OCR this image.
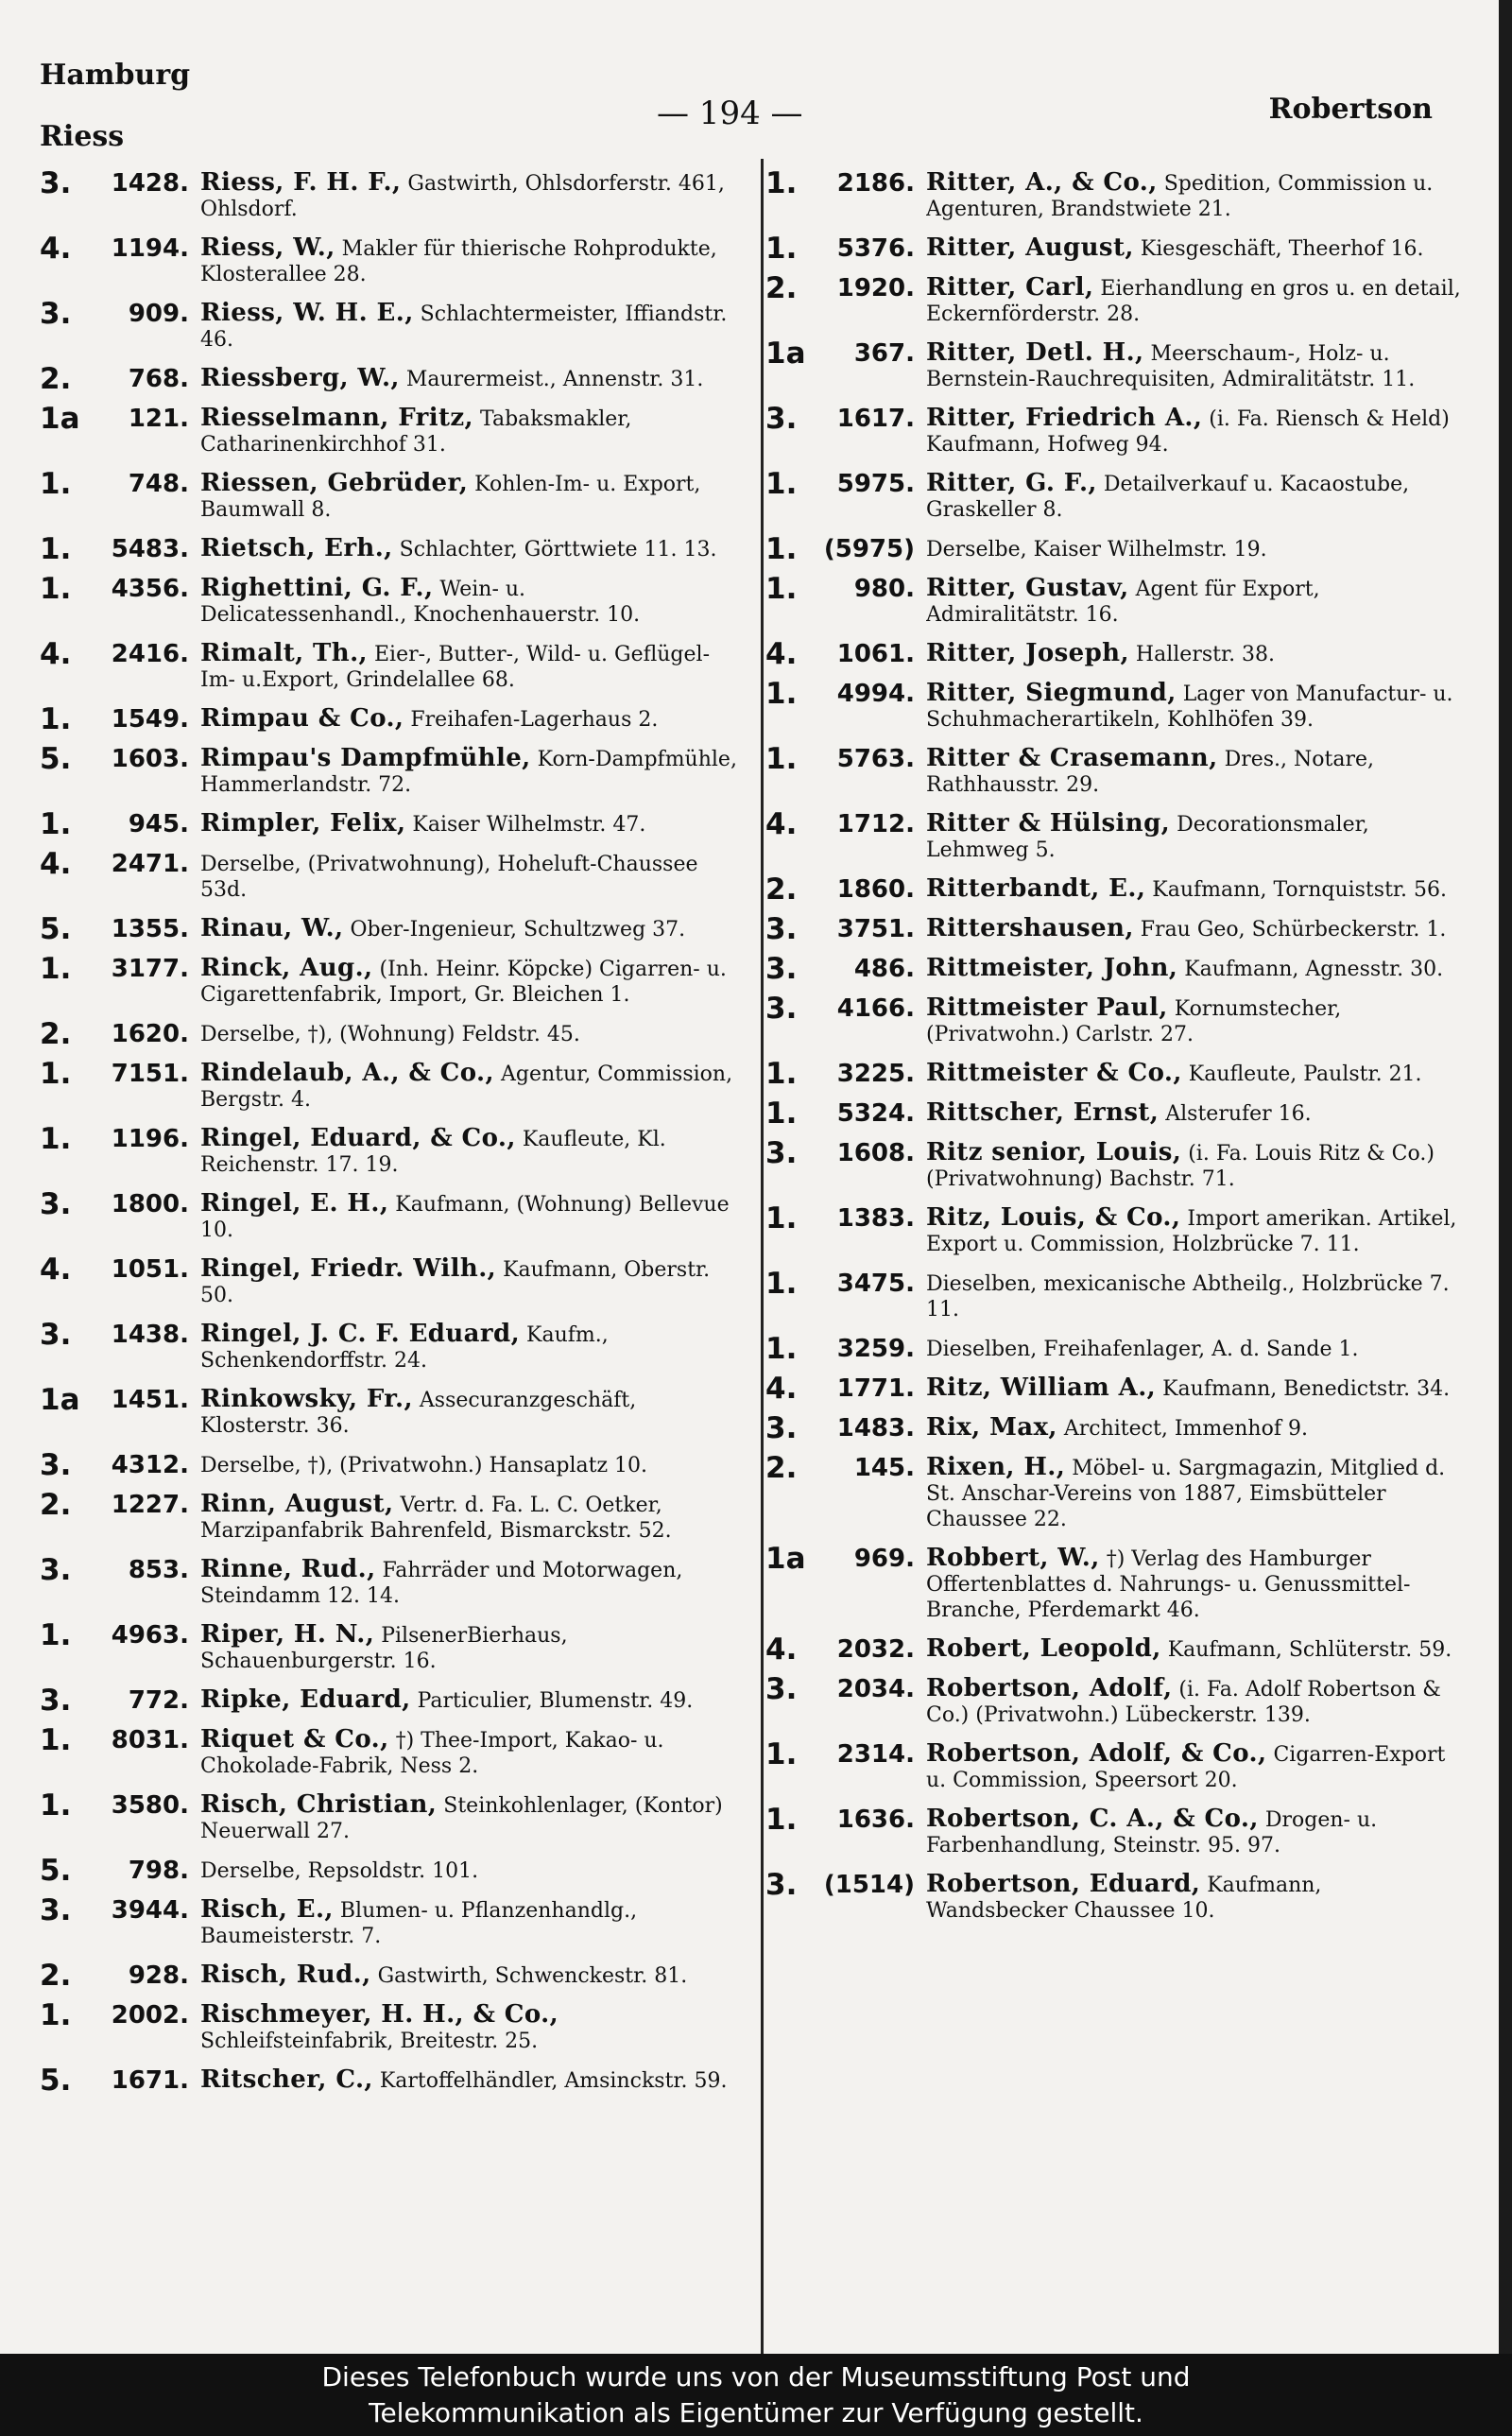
Hamburg
Riess
— 194 —	Robertson
3.	1428. Riess, F. H. F., Gastwirth, Ohlsdorferstr. 461, Ohlsdorf.
4.	1194. Riess, W., Makler für thierische Rohprodukte, Klosterallee 28.
3.	909. Riess, W. H. E., Schlachtermeister, Iffiandstr. 46.
2.	768. Riessberg, W., Maurermeist., Annenstr. 31.
1a	121. Riesselmann, Fritz, Tabaksmakler, Catharinenkirchhof 31.
1.	748. Riessen, Gebrüder, Kohlen-Im- u. Export, Baumwall 8.
1.	5483. Rietsch, Erh., Schlachter, Görttwiete 11. 13.
1.	4356. Righettini, G. F., Wein- u. Delicatessenhandl., Knochenhauerstr. 10.
4.	2416. Rimalt, Th., Eier-, Butter-, Wild- u. Geflügel-Im- u.Export, Grindelallee 68.
1.	1549. Rimpau & Co., Freihafen-Lagerhaus 2.
5.	1603. Rimpau's Dampfmühle, Korn-Dampfmühle, Hammerlandstr. 72.
1.	945. Rimpler, Felix, Kaiser Wilhelmstr. 47.
4.	2471. Derselbe, (Privatwohnung), Hoheluft-Chaussee 53d.
5.	1355. Rinau, W., Ober-Ingenieur, Schultzweg 37.
1.	3177. Rinck, Aug., (Inh. Heinr. Köpcke) Cigarren- u. Cigarettenfabrik, Import, Gr. Bleichen 1.
2.	1620. Derselbe, †), (Wohnung) Feldstr. 45.
1.	7151. Rindelaub, A., & Co., Agentur, Commission, Bergstr. 4.
1.	1196. Ringel, Eduard, & Co., Kaufleute, Kl. Reichenstr. 17. 19.
3.	1800. Ringel, E. H., Kaufmann, (Wohnung) Bellevue 10.
4.	1051. Ringel, Friedr. Wilh., Kaufmann, Oberstr. 50.
3.	1438. Ringel, J. C. F. Eduard, Kaufm., Schenkendorffstr. 24.
1a	1451. Rinkowsky, Fr., Assecuranzgeschäft, Klosterstr. 36.
3.	4312. Derselbe, †), (Privatwohn.) Hansaplatz 10.
2.	1227. Rinn, August, Vertr. d. Fa. L. C. Oetker, Marzipanfabrik Bahrenfeld, Bismarckstr. 52.
3.	853. Rinne, Rud., Fahrräder und Motorwagen, Steindamm 12. 14.
1.	4963. Riper, H. N., PilsenerBierhaus, Schauenburgerstr. 16.
3.	772. Ripke, Eduard, Particulier, Blumenstr. 49.
1.	8031. Riquet & Co., †) Thee-Import, Kakao- u. Chokolade-Fabrik, Ness 2.
1.	3580. Risch, Christian, Steinkohlenlager, (Kontor) Neuerwall 27.
5.	798. Derselbe, Repsoldstr. 101.
3.	3944. Risch, E., Blumen- u. Pflanzenhandlg., Baumeisterstr. 7.
2.	928. Risch, Rud., Gastwirth, Schwenckestr. 81.
1.	2002. Rischmeyer, H. H., & Co., Schleifsteinfabrik, Breitestr. 25.
5.	1671. Ritscher, C., Kartoffelhändler, Amsinckstr. 59.
1.	2186. Ritter, A., & Co., Spedition, Commission u. Agenturen, Brandstwiete 21.
1.	5376. Ritter, August, Kiesgeschäft, Theerhof 16.
2.	1920. Ritter, Carl, Eierhandlung en gros u. en detail, Eckernförderstr. 28.
1a	367. Ritter, Detl. H., Meerschaum-, Holz- u. Bernstein-Rauchrequisiten, Admiralitätstr. 11.
3.	1617. Ritter, Friedrich A., (i. Fa. Riensch & Held) Kaufmann, Hofweg 94.
1.	5975. Ritter, G. F., Detailverkauf u. Kacaostube, Graskeller 8.
1.	(5975) Derselbe, Kaiser Wilhelmstr. 19.
1.	980. Ritter, Gustav, Agent für Export, Admiralitätstr. 16.
4.	1061. Ritter, Joseph, Hallerstr. 38.
1.	4994. Ritter, Siegmund, Lager von Manufactur- u. Schuhmacherartikeln, Kohlhöfen 39.
1.	5763. Ritter & Crasemann, Dres., Notare, Rathhausstr. 29.
4.	1712. Ritter & Hülsing, Decorationsmaler, Lehmweg 5.
2.	1860. Ritterbandt, E., Kaufmann, Tornquiststr. 56.
3.	3751. Rittershausen, Frau Geo, Schürbeckerstr. 1.
3.	486. Rittmeister, John, Kaufmann, Agnesstr. 30.
3.	4166. Rittmeister Paul, Kornumstecher, (Privatwohn.) Carlstr. 27.
1.	3225. Rittmeister & Co., Kaufleute, Paulstr. 21.
1.	5324. Rittscher, Ernst, Alsterufer 16.
3.	1608. Ritz senior, Louis, (i. Fa. Louis Ritz & Co.) (Privatwohnung) Bachstr. 71.
1.	1383. Ritz, Louis, & Co., Import amerikan. Artikel, Export u. Commission, Holzbrücke 7. 11.
1.	3475. Dieselben, mexicanische Abtheilg., Holzbrücke 7. 11.
1.	3259. Dieselben, Freihafenlager, A. d. Sande 1.
4.	1771. Ritz, William A., Kaufmann, Benedictstr. 34.
3.	1483. Rix, Max, Architect, Immenhof 9.
2.	145. Rixen, H., Möbel- u. Sargmagazin, Mitglied d. St. Anschar-Vereins von 1887, Eimsbütteler Chaussee 22.
1a	969. Robbert, W., †) Verlag des Hamburger Offertenblattes d. Nahrungs- u. Genussmittel-Branche, Pferdemarkt 46.
4.	2032. Robert, Leopold, Kaufmann, Schlüterstr. 59.
3.	2034. Robertson, Adolf, (i. Fa. Adolf Robertson & Co.) (Privatwohn.) Lübeckerstr. 139.
1.	2314. Robertson, Adolf, & Co., Cigarren-Export u. Commission, Speersort 20.
1.	1636. Robertson, C. A., & Co., Drogen- u. Farbenhandlung, Steinstr. 95. 97.
3.	(1514) Robertson, Eduard, Kaufmann, Wandsbecker Chaussee 10.
Dieses Telefonbuch wurde uns von der Museumsstiftung Post und
Telekommunikation als Eigentümer zur Verfügung gestellt.
